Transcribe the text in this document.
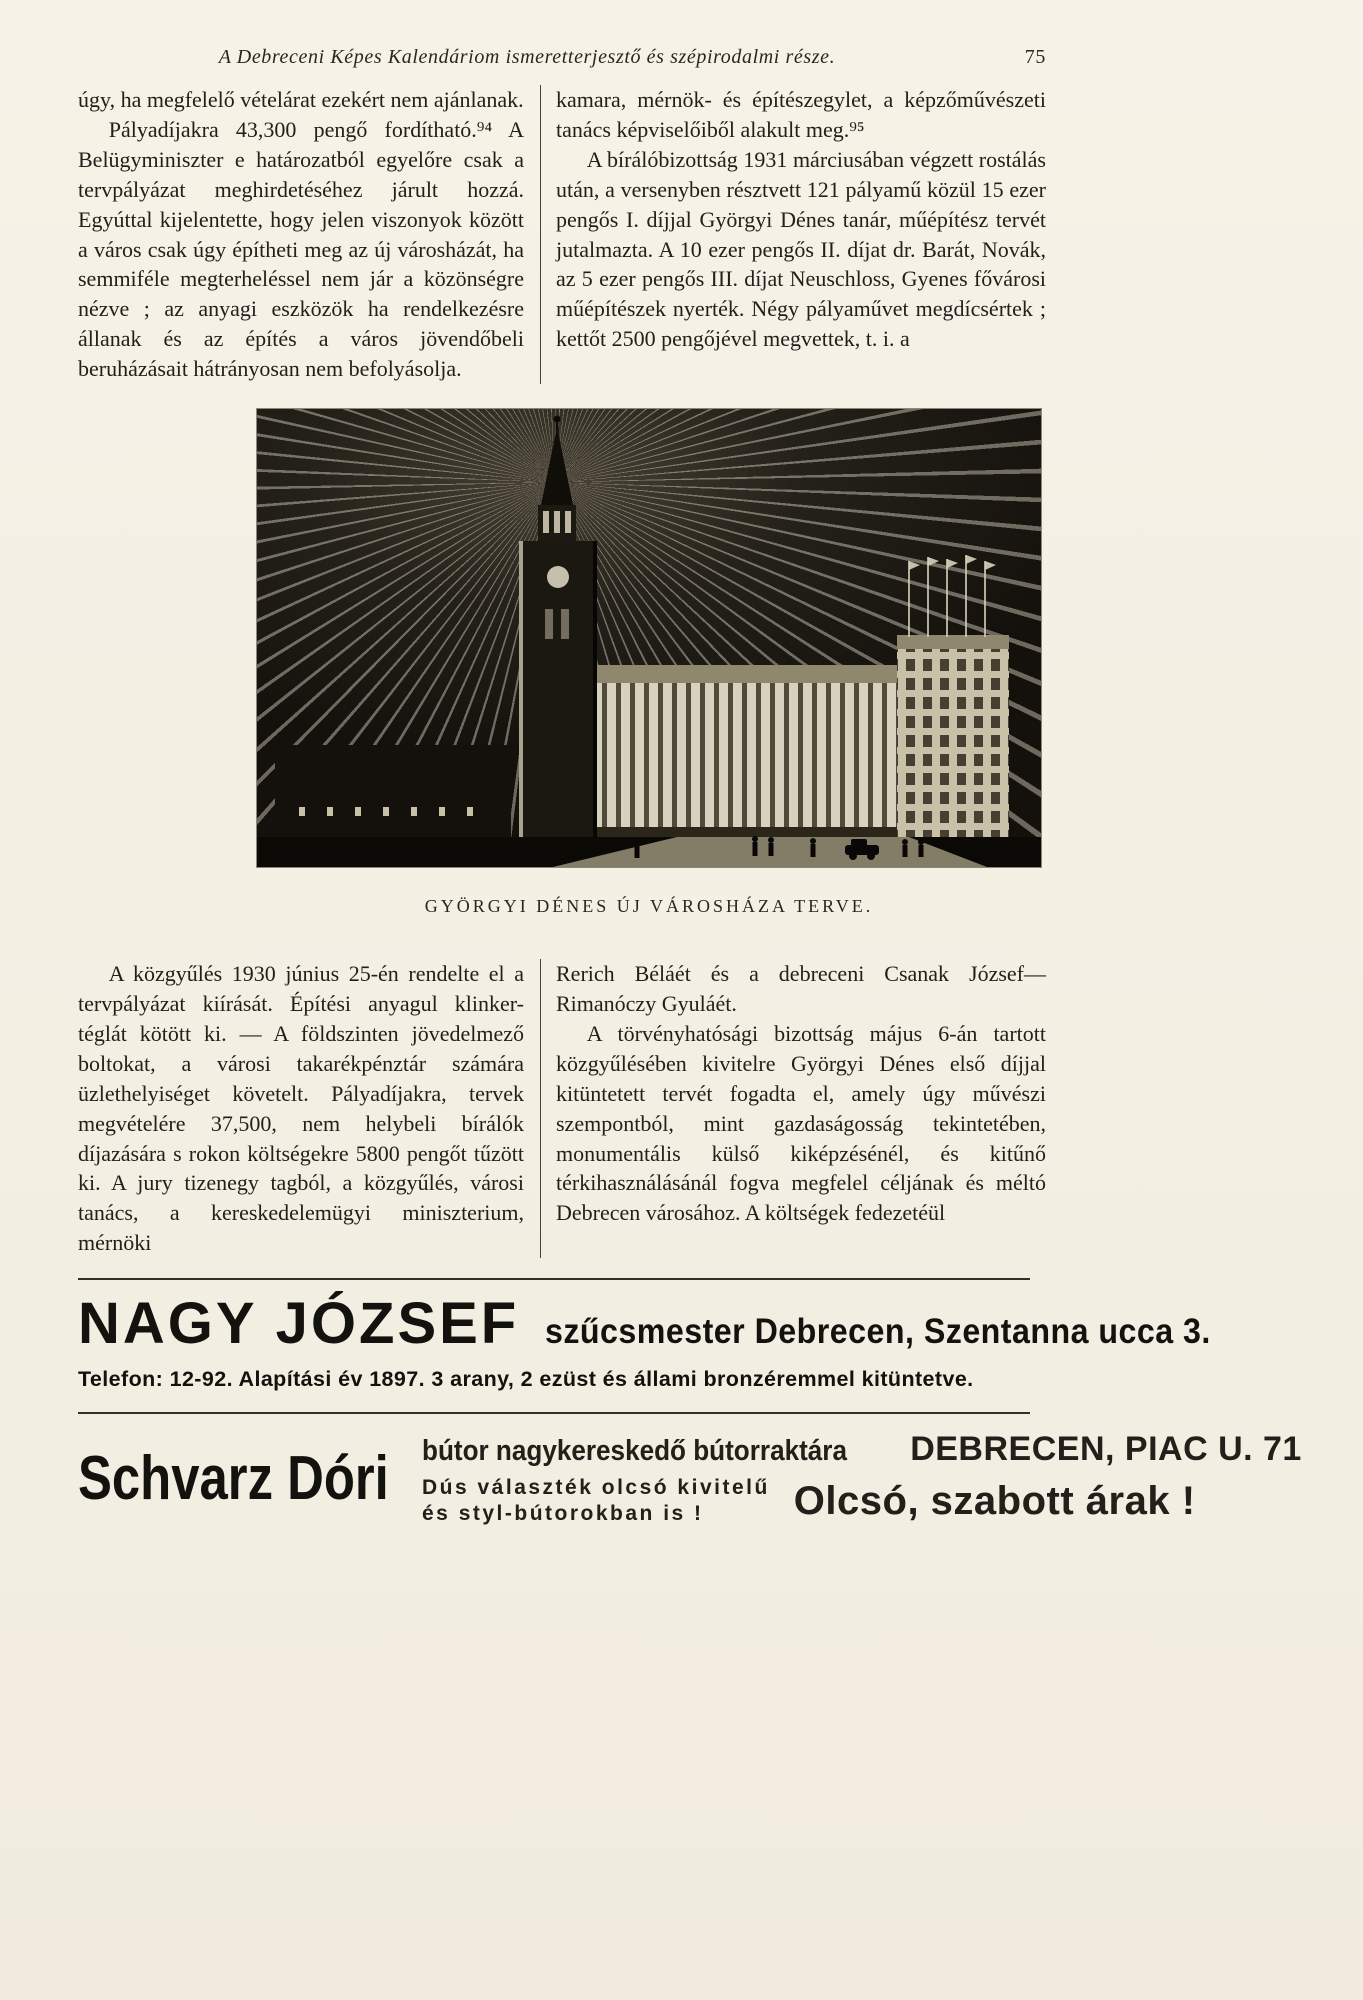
A Debreceni Képes Kalendáriom ismeretterjesztő és szépirodalmi része.	75

úgy, ha megfelelő vételárat ezekért nem ajánlanak.

Pályadíjakra 43,300 pengő fordítható.⁹⁴ A Belügyminiszter e határozatból egyelőre csak a tervpályázat meghirdetéséhez járult hozzá. Egyúttal kijelentette, hogy jelen viszonyok között a város csak úgy építheti meg az új városházát, ha semmiféle megterheléssel nem jár a közönségre nézve ; az anyagi eszközök ha rendelkezésre állanak és az építés a város jövendőbeli beruházásait hátrányosan nem befolyásolja.

kamara, mérnök- és építészegylet, a képzőművészeti tanács képviselőiből alakult meg.⁹⁵

A bírálóbizottság 1931 márciusában végzett rostálás után, a versenyben résztvett 121 pályamű közül 15 ezer pengős I. díjjal Györgyi Dénes tanár, műépítész tervét jutalmazta. A 10 ezer pengős II. díjat dr. Barát, Novák, az 5 ezer pengős III. díjat Neuschloss, Gyenes fővárosi műépítészek nyerték. Négy pályaművet megdícsértek ; kettőt 2500 pengőjével megvettek, t. i. a

GYÖRGYI DÉNES ÚJ VÁROSHÁZA TERVE.

A közgyűlés 1930 június 25-én rendelte el a tervpályázat kiírását. Építési anyagul klinker-téglát kötött ki. — A földszinten jövedelmező boltokat, a városi takarékpénztár számára üzlethelyiséget követelt. Pályadíjakra, tervek megvételére 37,500, nem helybeli bírálók díjazására s rokon költségekre 5800 pengőt tűzött ki. A jury tizenegy tagból, a közgyűlés, városi tanács, a kereskedelemügyi miniszterium, mérnöki

Rerich Béláét és a debreceni Csanak József—Rimanóczy Gyuláét.

A törvényhatósági bizottság május 6-án tartott közgyűlésében kivitelre Györgyi Dénes első díjjal kitüntetett tervét fogadta el, amely úgy művészi szempontból, mint gazdaságosság tekintetében, monumentális külső kiképzésénél, és kitűnő térkihasználásánál fogva megfelel céljának és méltó Debrecen városához. A költségek fedezetéül

NAGY JÓZSEF szűcsmester Debrecen, Szentanna ucca 3.
Telefon: 12-92. Alapítási év 1897. 3 arany, 2 ezüst és állami bronzéremmel kitüntetve.
Schvarz Dóri bútor nagykereskedő bútorraktára DEBRECEN, PIAC U. 71
Dús választék olcsó kivitelű
és styl-bútorokban is !	Olcsó, szabott árak !
